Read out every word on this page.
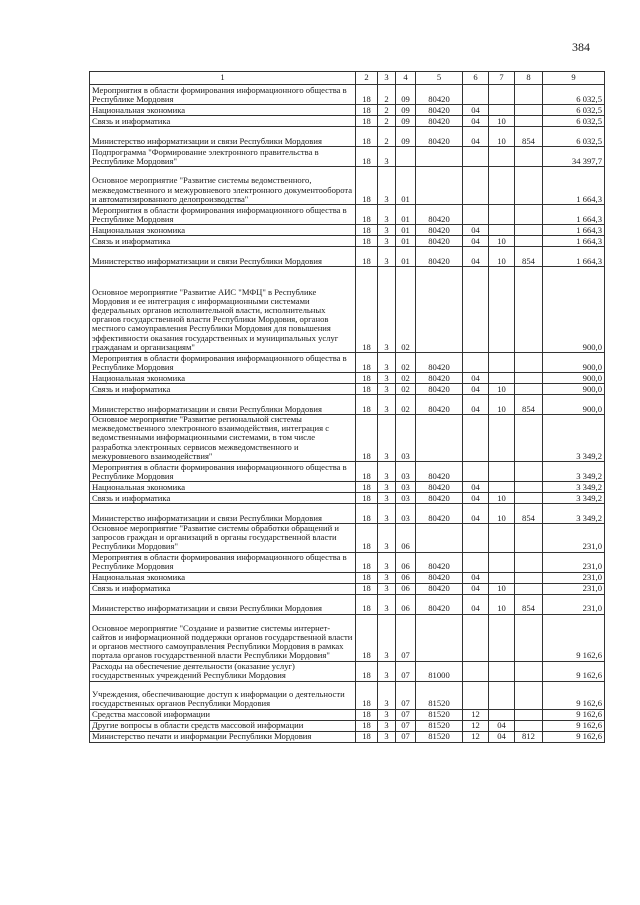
384
1	2	3	4	5	6	7	8	9
Мероприятия в области формирования информационного общества в Республике Мордовия	18	2	09	80420				6 032,5
Национальная экономика	18	2	09	80420	04			6 032,5
Связь и информатика	18	2	09	80420	04	10		6 032,5
Министерство информатизации и связи Республики Мордовия	18	2	09	80420	04	10	854	6 032,5
Подпрограмма "Формирование электронного правительства в Республике Мордовия"	18	3						34 397,7
Основное мероприятие "Развитие системы ведомственного, межведомственного и межуровневого электронного документооборота и автоматизированного делопроизводства"	18	3	01					1 664,3
Мероприятия в области формирования информационного общества в Республике Мордовия	18	3	01	80420				1 664,3
Национальная экономика	18	3	01	80420	04			1 664,3
Связь и информатика	18	3	01	80420	04	10		1 664,3
Министерство информатизации и связи Республики Мордовия	18	3	01	80420	04	10	854	1 664,3
Основное мероприятие "Развитие АИС "МФЦ" в Республике Мордовия и ее интеграция с информационными системами федеральных органов исполнительной власти, исполнительных органов государственной власти Республики Мордовия, органов местного самоуправления Республики Мордовия для повышения эффективности оказания государственных и муниципальных услуг гражданам и организациям"	18	3	02					900,0
Мероприятия в области формирования информационного общества в Республике Мордовия	18	3	02	80420				900,0
Национальная экономика	18	3	02	80420	04			900,0
Связь и информатика	18	3	02	80420	04	10		900,0
Министерство информатизации и связи Республики Мордовия	18	3	02	80420	04	10	854	900,0
Основное мероприятие "Развитие региональной системы межведомственного электронного взаимодействия, интеграция с ведомственными информационными системами, в том числе разработка электронных сервисов межведомственного и межуровневого взаимодействия"	18	3	03					3 349,2
Мероприятия в области формирования информационного общества в Республике Мордовия	18	3	03	80420				3 349,2
Национальная экономика	18	3	03	80420	04			3 349,2
Связь и информатика	18	3	03	80420	04	10		3 349,2
Министерство информатизации и связи Республики Мордовия	18	3	03	80420	04	10	854	3 349,2
Основное мероприятие "Развитие системы обработки обращений и запросов граждан и организаций в органы государственной власти Республики Мордовия"	18	3	06					231,0
Мероприятия в области формирования информационного общества в Республике Мордовия	18	3	06	80420				231,0
Национальная экономика	18	3	06	80420	04			231,0
Связь и информатика	18	3	06	80420	04	10		231,0
Министерство информатизации и связи Республики Мордовия	18	3	06	80420	04	10	854	231,0
Основное мероприятие "Создание и развитие системы интернет-сайтов и информационной поддержки органов государственной власти и органов местного самоуправления Республики Мордовия в рамках портала органов государственной власти Республики Мордовия"	18	3	07					9 162,6
Расходы на обеспечение деятельности (оказание услуг) государственных учреждений Республики Мордовия	18	3	07	81000				9 162,6
Учреждения, обеспечивающие доступ к информации о деятельности государственных органов Республики Мордовия	18	3	07	81520				9 162,6
Средства массовой информации	18	3	07	81520	12			9 162,6
Другие вопросы в области средств массовой информации	18	3	07	81520	12	04		9 162,6
Министерство печати и информации Республики Мордовия	18	3	07	81520	12	04	812	9 162,6
